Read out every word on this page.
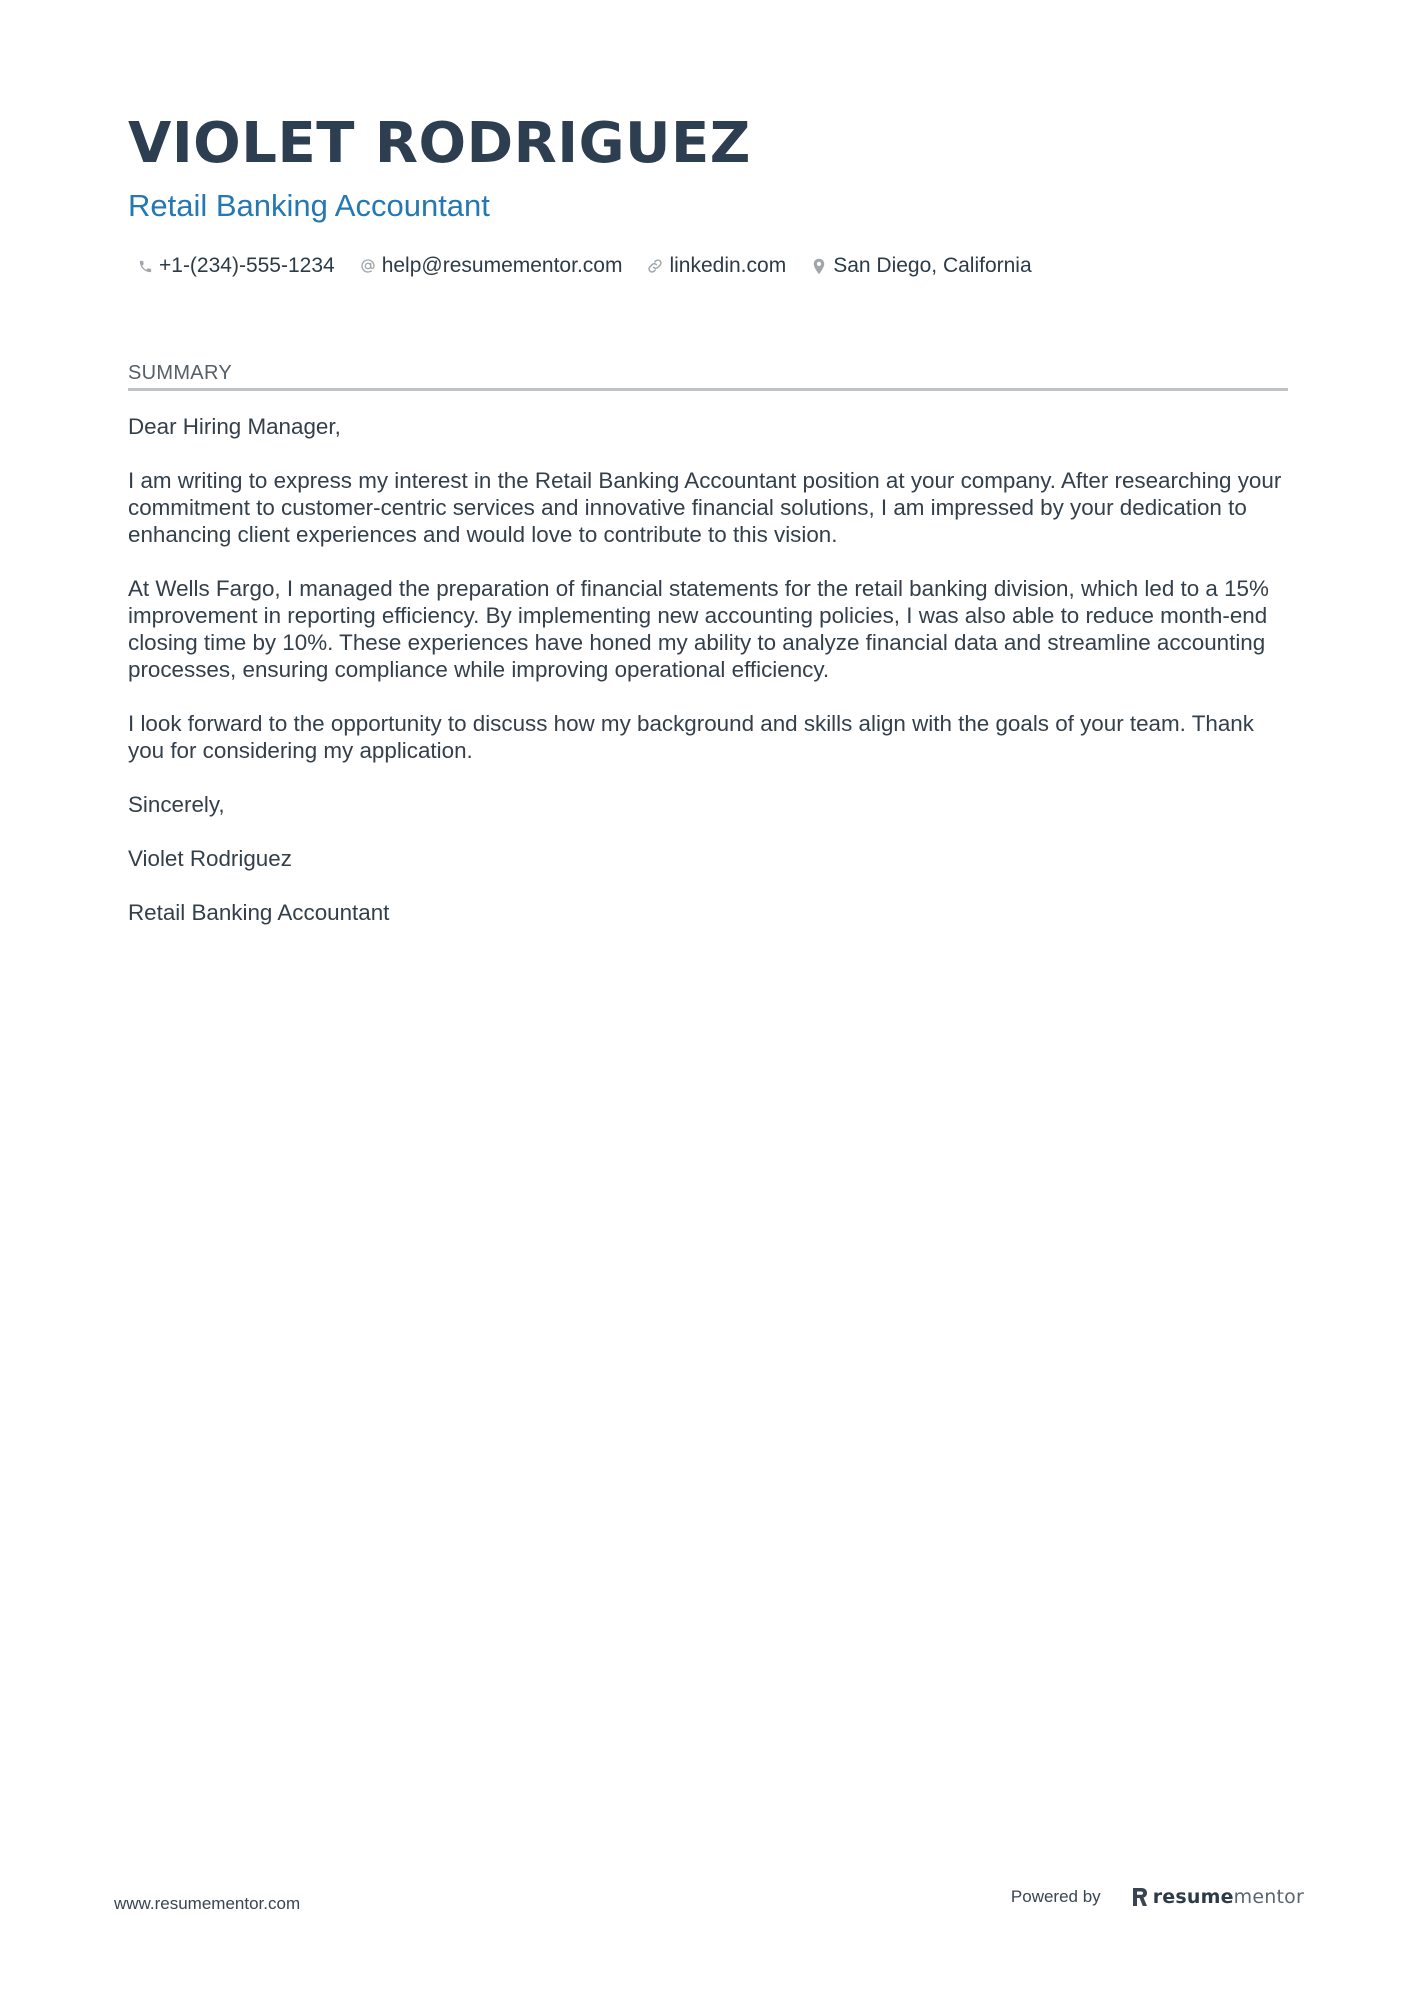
VIOLET RODRIGUEZ
Retail Banking Accountant
+1-(234)-555-1234 help@resumementor.com linkedin.com San Diego, California
SUMMARY

Dear Hiring Manager,

I am writing to express my interest in the Retail Banking Accountant position at your company. After researching your commitment to customer-centric services and innovative financial solutions, I am impressed by your dedication to enhancing client experiences and would love to contribute to this vision.

At Wells Fargo, I managed the preparation of financial statements for the retail banking division, which led to a 15% improvement in reporting efficiency. By implementing new accounting policies, I was also able to reduce month-end closing time by 10%. These experiences have honed my ability to analyze financial data and streamline accounting processes, ensuring compliance while improving operational efficiency.

I look forward to the opportunity to discuss how my background and skills align with the goals of your team. Thank you for considering my application.

Sincerely,

Violet Rodriguez

Retail Banking Accountant

www.resumementor.com	Powered by	resumementor
